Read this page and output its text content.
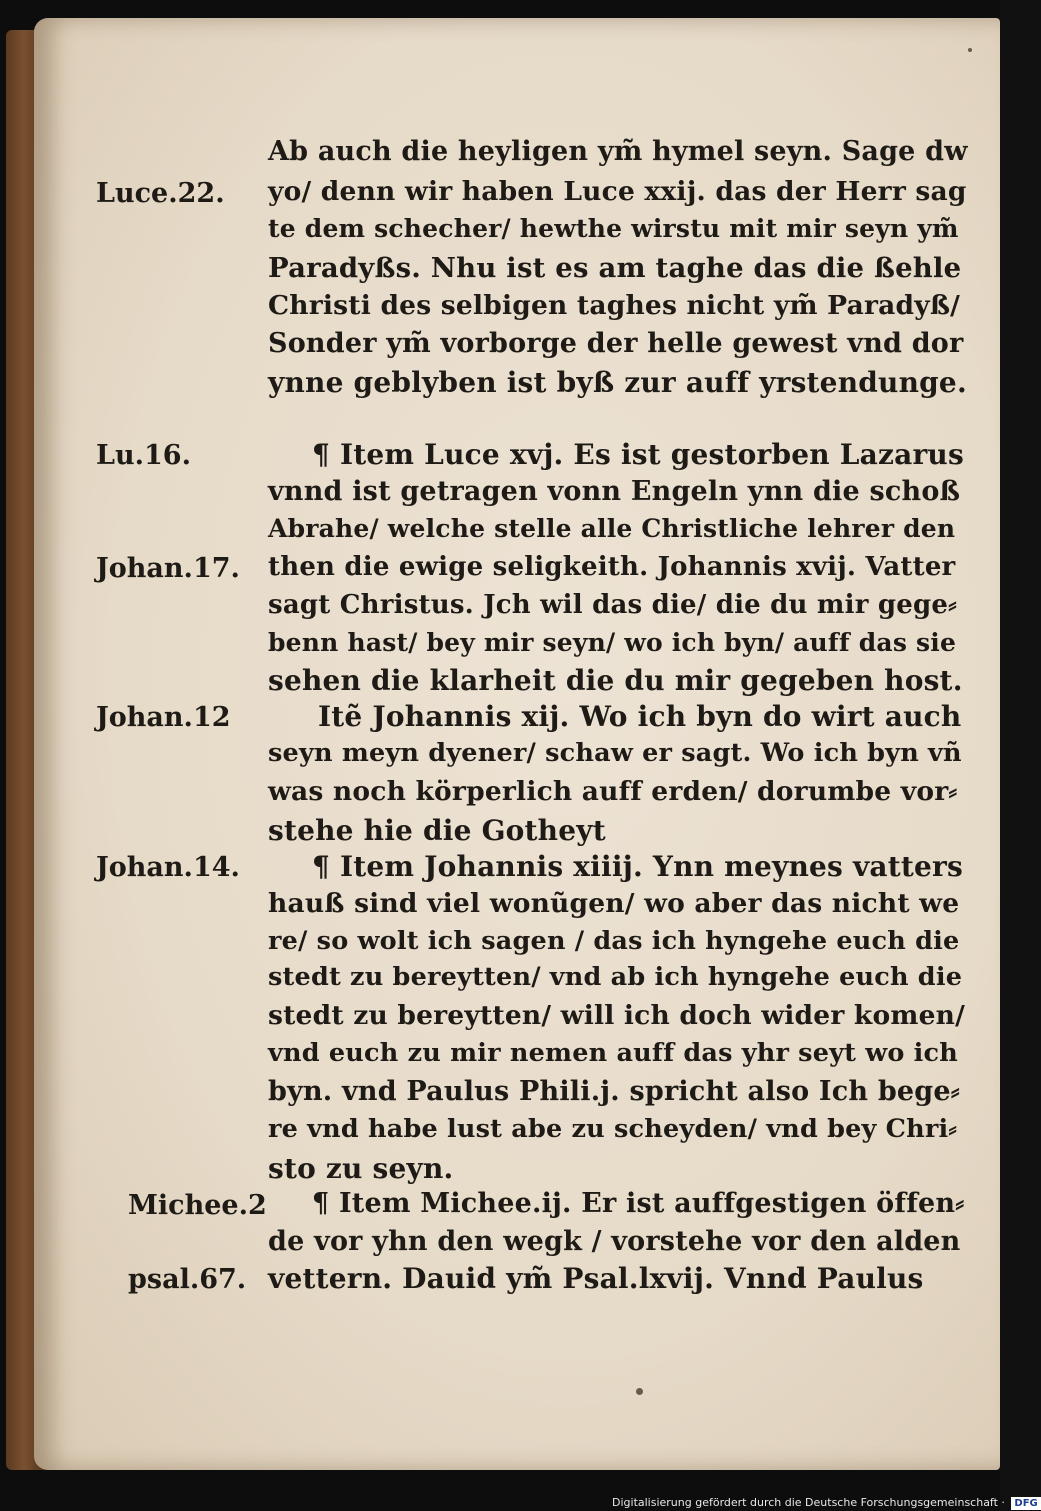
Luce.22.
Lu.16.
Johan.17.
Johan.12
Johan.14.
Michee.2
psal.67.
Ab auch die heyligen ym̃ hymel seyn. Sage dw
yo/ denn wir haben Luce xxij. das der Herr sag
te dem schecher/ hewthe wirstu mit mir seyn ym̃
Paradyßs. Nhu ist es am taghe das die ßehle
Christi des selbigen taghes nicht ym̃ Paradyß/
Sonder ym̃ vorborge der helle gewest vnd dor
ynne geblyben ist byß zur auff yrstendunge.
¶ Item Luce xvj. Es ist gestorben Lazarus
vnnd ist getragen vonn Engeln ynn die schoß
Abrahe/ welche stelle alle Christliche lehrer den
then die ewige seligkeith. Johannis xvij. Vatter
sagt Christus. Jch wil das die/ die du mir gege⸗
benn hast/ bey mir seyn/ wo ich byn/ auff das sie
sehen die klarheit die du mir gegeben host.
Itẽ Johannis xij. Wo ich byn do wirt auch
seyn meyn dyener/ schaw er sagt. Wo ich byn vñ
was noch körperlich auff erden/ dorumbe vor⸗
stehe hie die Gotheyt
¶ Item Johannis xiiij. Ynn meynes vatters
hauß sind viel wonũgen/ wo aber das nicht we
re/ so wolt ich sagen / das ich hyngehe euch die
stedt zu bereytten/ vnd ab ich hyngehe euch die
stedt zu bereytten/ will ich doch wider komen/
vnd euch zu mir nemen auff das yhr seyt wo ich
byn. vnd Paulus Phili.j. spricht also Ich bege⸗
re vnd habe lust abe zu scheyden/ vnd bey Chri⸗
sto zu seyn.
¶ Item Michee.ij. Er ist auffgestigen öffen⸗
de vor yhn den wegk / vorstehe vor den alden
vettern. Dauid ym̃ Psal.lxvij. Vnnd Paulus
Digitalisierung gefördert durch die Deutsche Forschungsgemeinschaft · DFG
